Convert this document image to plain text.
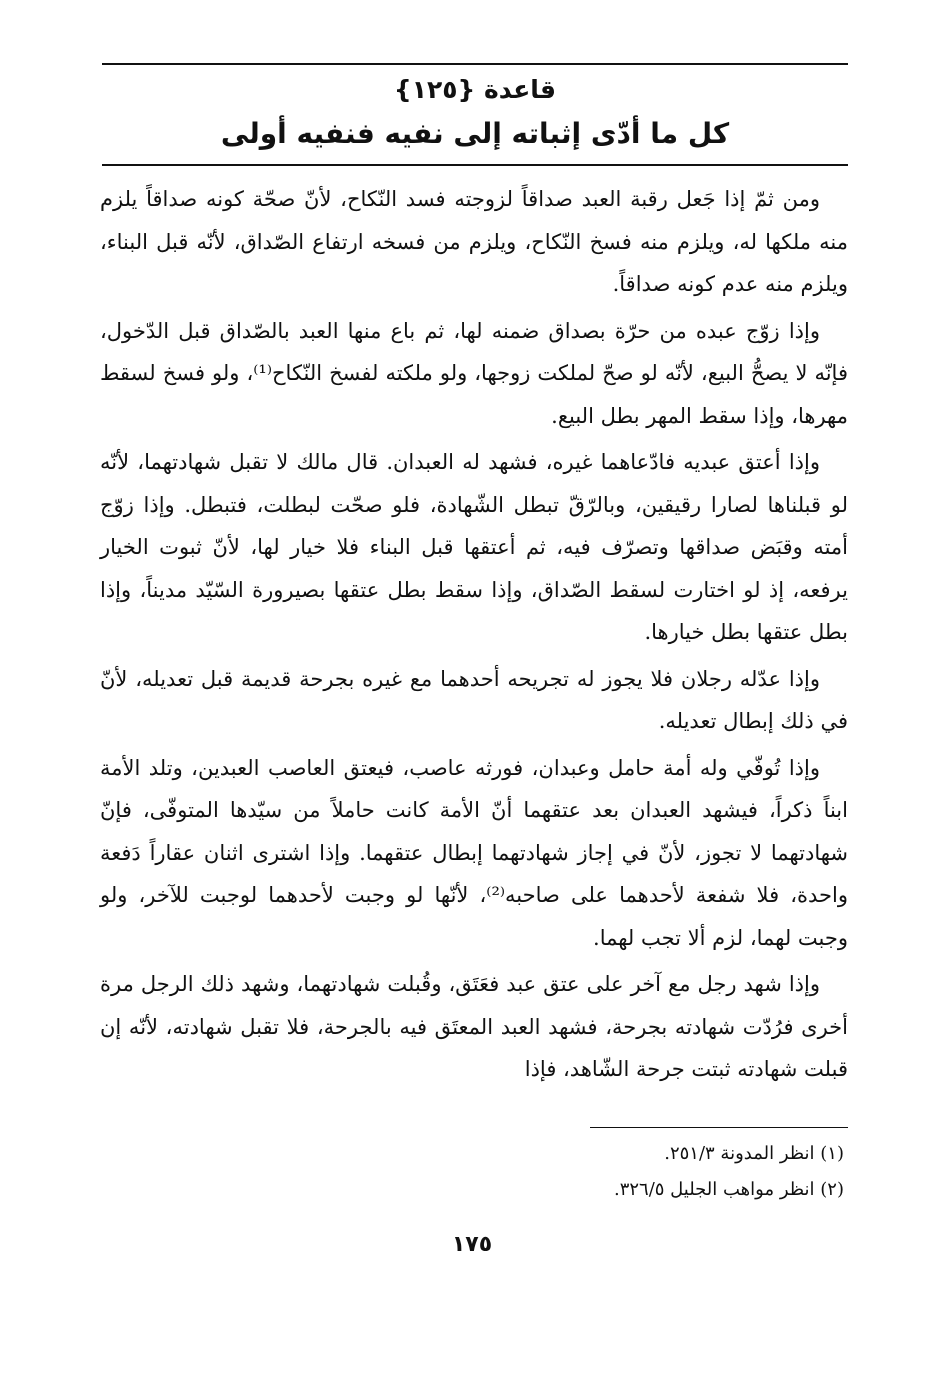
قاعدة {١٢٥}
كل ما أدّى إثباته إلى نفيه فنفيه أولى

ومن ثمّ إذا جَعل رقبة العبد صداقاً لزوجته فسد النّكاح، لأنّ صحّة كونه صداقاً يلزم منه ملكها له، ويلزم منه فسخ النّكاح، ويلزم من فسخه ارتفاع الصّداق، لأنّه قبل البناء، ويلزم منه عدم كونه صداقاً.

وإذا زوّج عبده من حرّة بصداق ضمنه لها، ثم باع منها العبد بالصّداق قبل الدّخول، فإنّه لا يصحُّ البيع، لأنّه لو صحّ لملكت زوجها، ولو ملكته لفسخ النّكاح⁽¹⁾، ولو فسخ لسقط مهرها، وإذا سقط المهر بطل البيع.

وإذا أعتق عبديه فادّعاهما غيره، فشهد له العبدان. قال مالك لا تقبل شهادتهما، لأنّه لو قبلناها لصارا رقيقين، وبالرّقّ تبطل الشّهادة، فلو صحّت لبطلت، فتبطل. وإذا زوّج أمته وقبَض صداقها وتصرّف فيه، ثم أعتقها قبل البناء فلا خيار لها، لأنّ ثبوت الخيار يرفعه، إذ لو اختارت لسقط الصّداق، وإذا سقط بطل عتقها بصيرورة السّيّد مديناً، وإذا بطل عتقها بطل خيارها.

وإذا عدّله رجلان فلا يجوز له تجريحه أحدهما مع غيره بجرحة قديمة قبل تعديله، لأنّ في ذلك إبطال تعديله.

وإذا تُوفّي وله أمة حامل وعبدان، فورثه عاصب، فيعتق العاصب العبدين، وتلد الأمة ابناً ذكراً، فيشهد العبدان بعد عتقهما أنّ الأمة كانت حاملاً من سيّدها المتوفّى، فإنّ شهادتهما لا تجوز، لأنّ في إجاز شهادتهما إبطال عتقهما. وإذا اشترى اثنان عقاراً دَفعة واحدة، فلا شفعة لأحدهما على صاحبه⁽²⁾، لأنّها لو وجبت لأحدهما لوجبت للآخر، ولو وجبت لهما، لزم ألا تجب لهما.

وإذا شهد رجل مع آخر على عتق عبد فعَتَق، وقُبلت شهادتهما، وشهد ذلك الرجل مرة أخرى فرُدّت شهادته بجرحة، فشهد العبد المعتَق فيه بالجرحة، فلا تقبل شهادته، لأنّه إن قبلت شهادته ثبتت جرحة الشّاهد، فإذا

(١) انظر المدونة ٢٥١/٣.

(٢) انظر مواهب الجليل ٣٢٦/٥.

١٧٥
